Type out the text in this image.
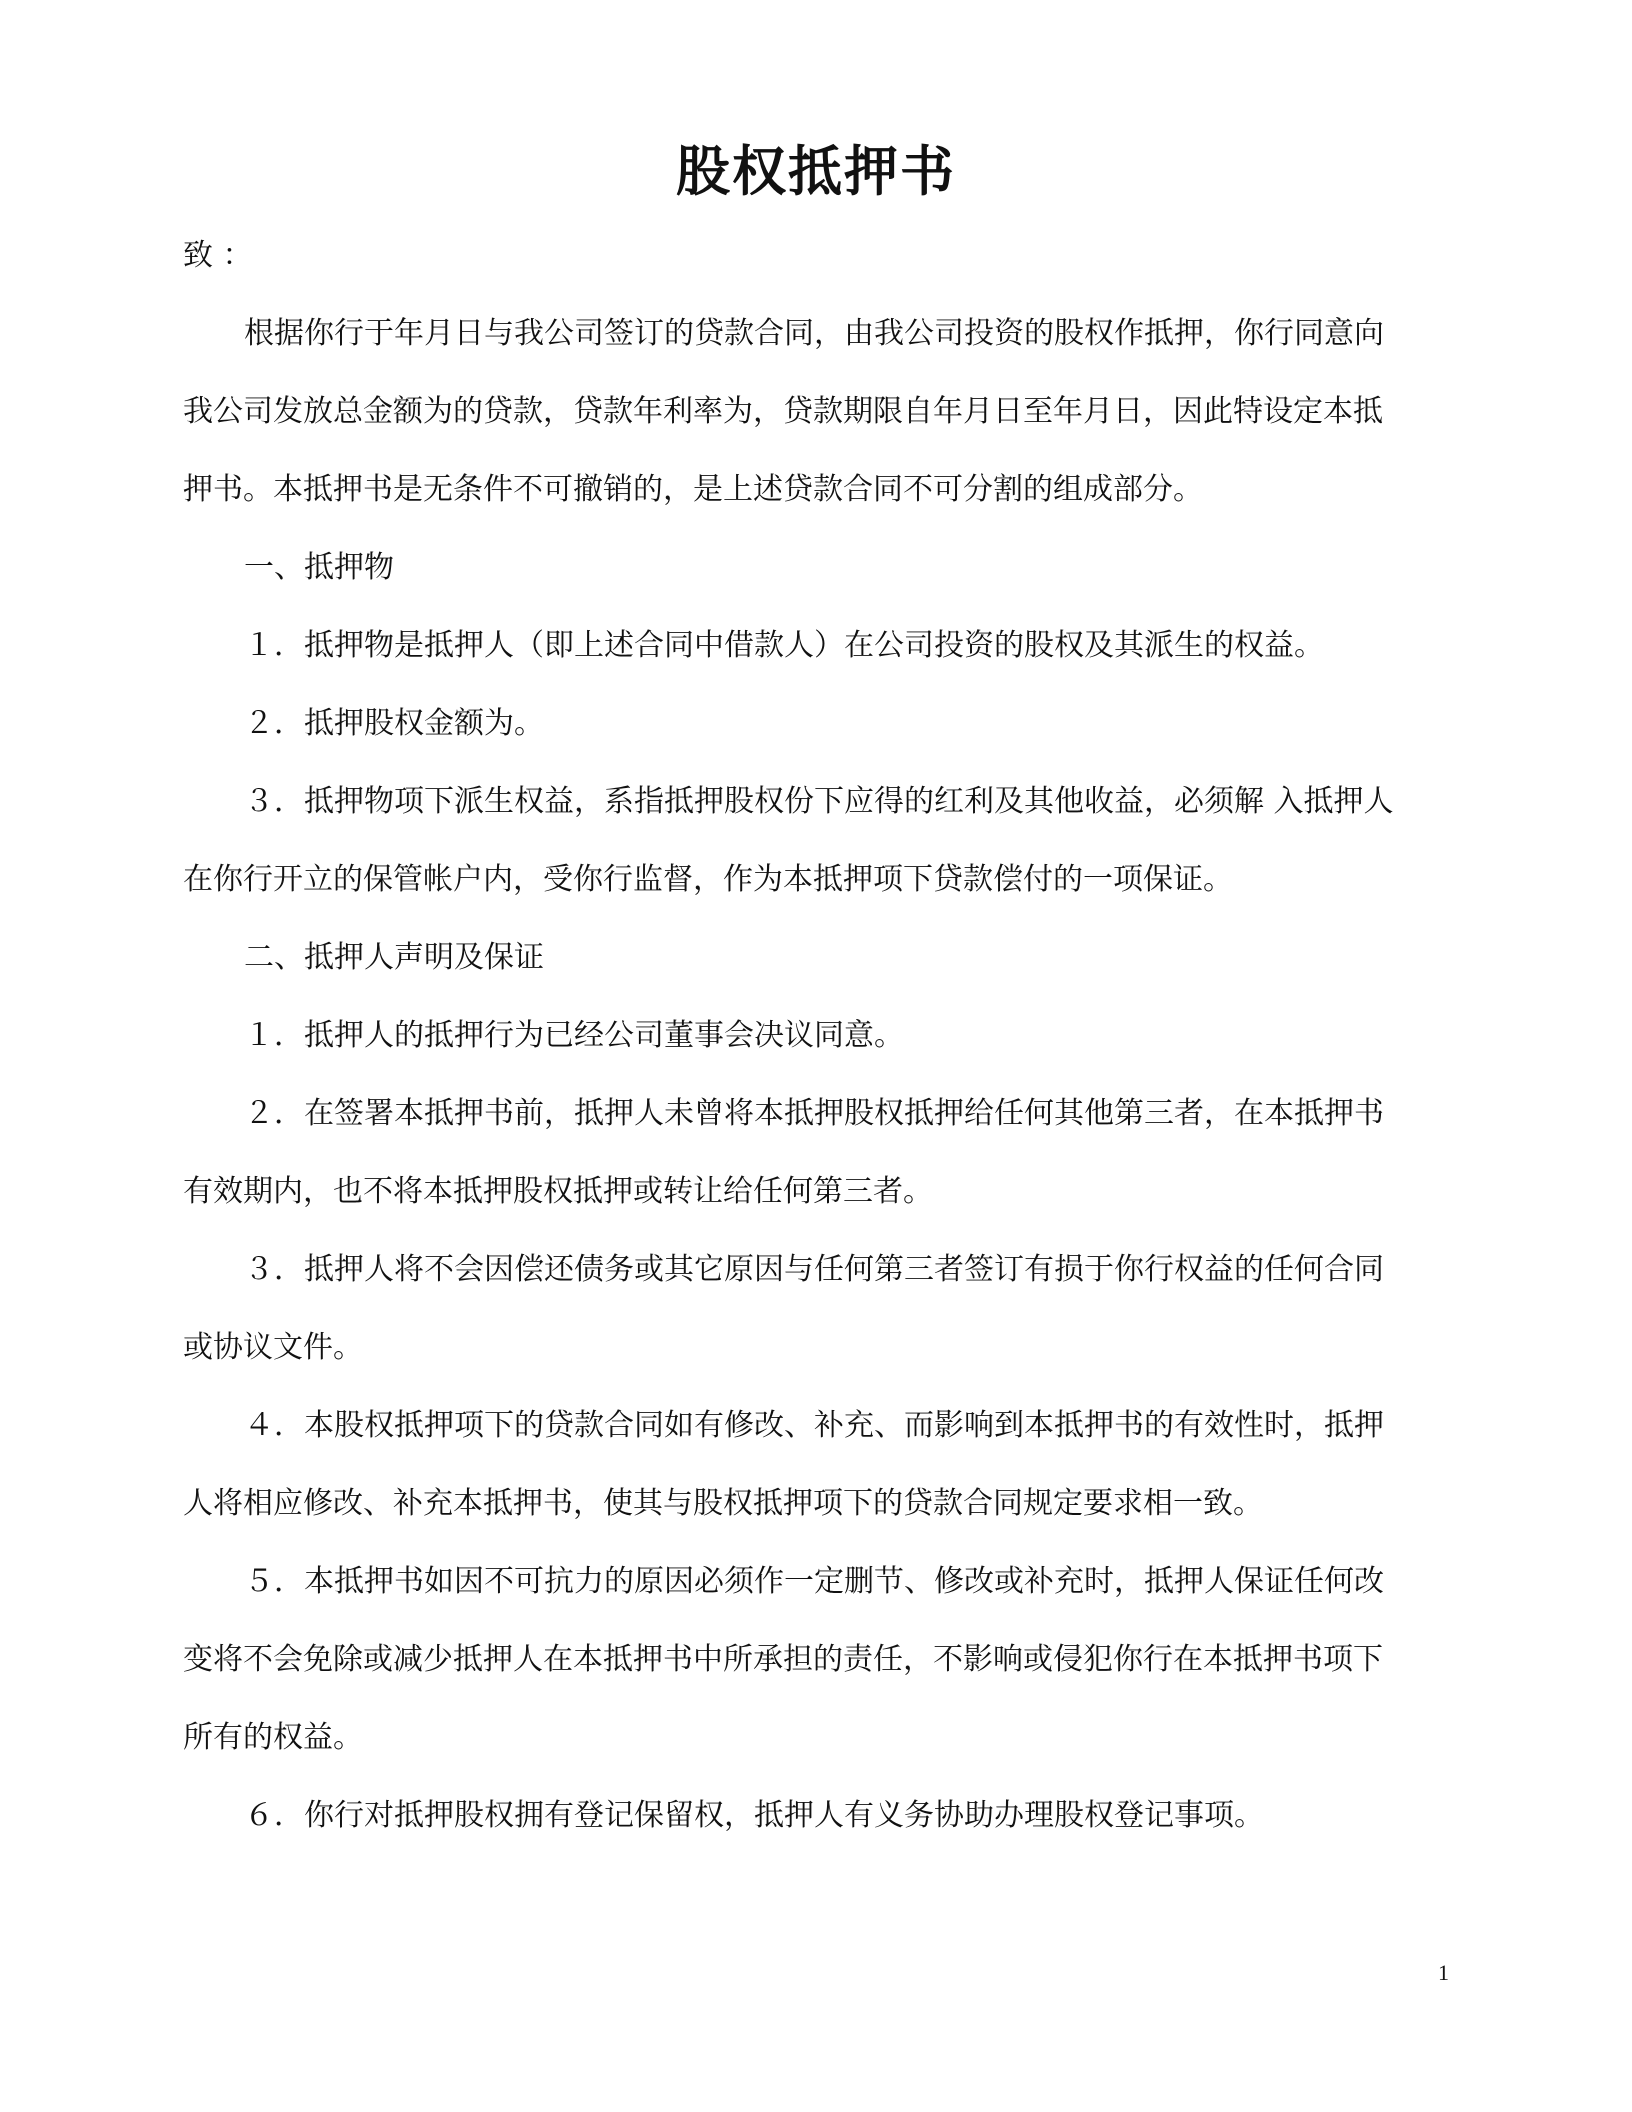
股权抵押书
致 ：
根据你行于年月日与我公司签订的贷款合同，由我公司投资的股权作抵押，你行同意向
我公司发放总金额为的贷款，贷款年利率为，贷款期限自年月日至年月日，因此特设定本抵
押书。本抵押书是无条件不可撤销的，是上述贷款合同不可分割的组成部分。
一、抵押物
１．抵押物是抵押人（即上述合同中借款人）在公司投资的股权及其派生的权益。
２．抵押股权金额为。
３．抵押物项下派生权益，系指抵押股权份下应得的红利及其他收益，必须解 入抵押人
在你行开立的保管帐户内，受你行监督，作为本抵押项下贷款偿付的一项保证。
二、抵押人声明及保证
１．抵押人的抵押行为已经公司董事会决议同意。
２．在签署本抵押书前，抵押人未曾将本抵押股权抵押给任何其他第三者，在本抵押书
有效期内，也不将本抵押股权抵押或转让给任何第三者。
３．抵押人将不会因偿还债务或其它原因与任何第三者签订有损于你行权益的任何合同
或协议文件。
４．本股权抵押项下的贷款合同如有修改、补充、而影响到本抵押书的有效性时，抵押
人将相应修改、补充本抵押书，使其与股权抵押项下的贷款合同规定要求相一致。
５．本抵押书如因不可抗力的原因必须作一定删节、修改或补充时，抵押人保证任何改
变将不会免除或减少抵押人在本抵押书中所承担的责任，不影响或侵犯你行在本抵押书项下
所有的权益。
６．你行对抵押股权拥有登记保留权，抵押人有义务协助办理股权登记事项。
1
